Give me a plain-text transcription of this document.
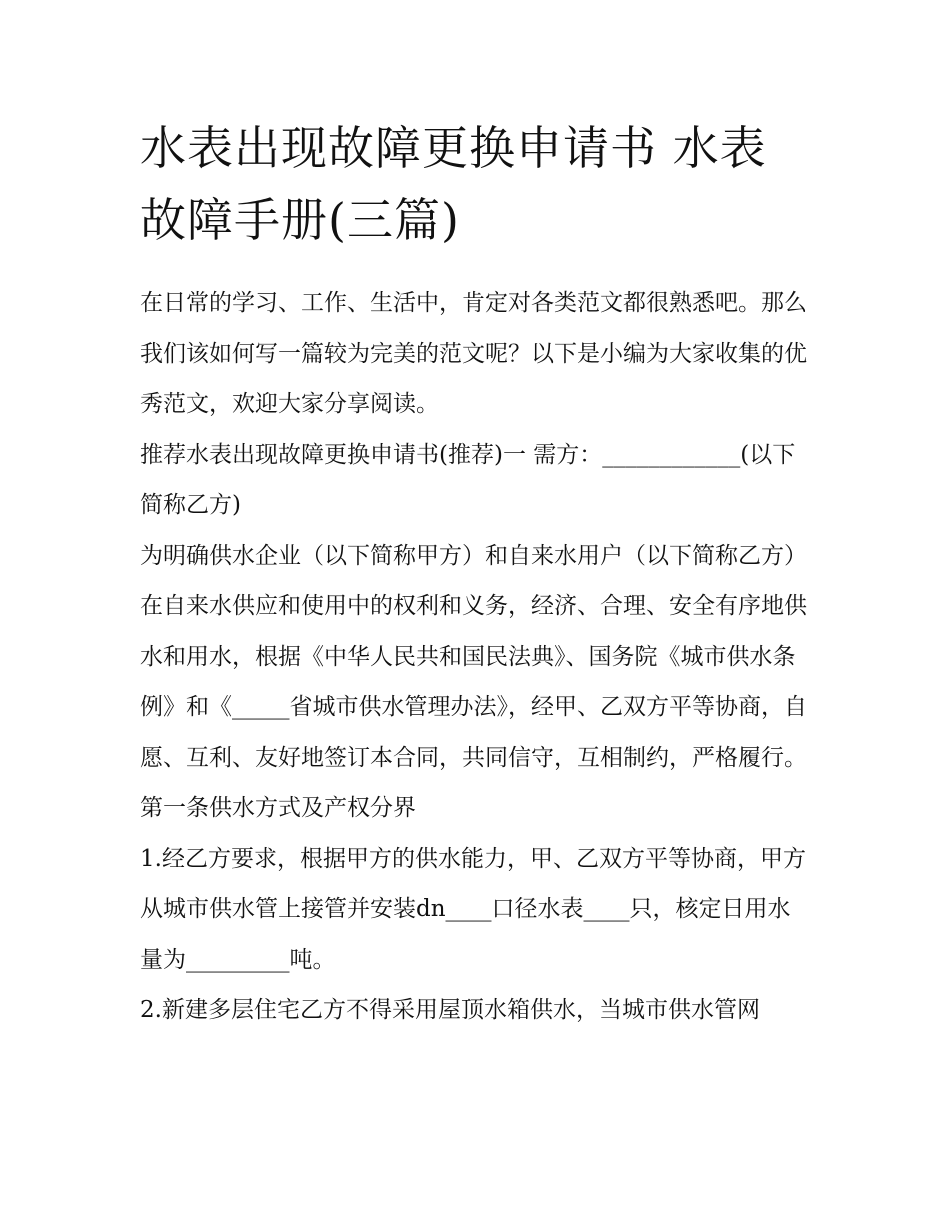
水表出现故障更换申请书 水表故障手册(三篇)

在日常的学习、工作、生活中，肯定对各类范文都很熟悉吧。那么我们该如何写一篇较为完美的范文呢？以下是小编为大家收集的优秀范文，欢迎大家分享阅读。

推荐水表出现故障更换申请书(推荐)一 需方：____________(以下简称乙方)

为明确供水企业（以下简称甲方）和自来水用户（以下简称乙方）在自来水供应和使用中的权利和义务，经济、合理、安全有序地供水和用水，根据《中华人民共和国民法典》、国务院《城市供水条例》和《_____省城市供水管理办法》，经甲、乙双方平等协商，自愿、互利、友好地签订本合同，共同信守，互相制约，严格履行。

第一条供水方式及产权分界

1.经乙方要求，根据甲方的供水能力，甲、乙双方平等协商，甲方从城市供水管上接管并安装dn____口径水表____只，核定日用水量为_________吨。

2.新建多层住宅乙方不得采用屋顶水箱供水，当城市供水管网
